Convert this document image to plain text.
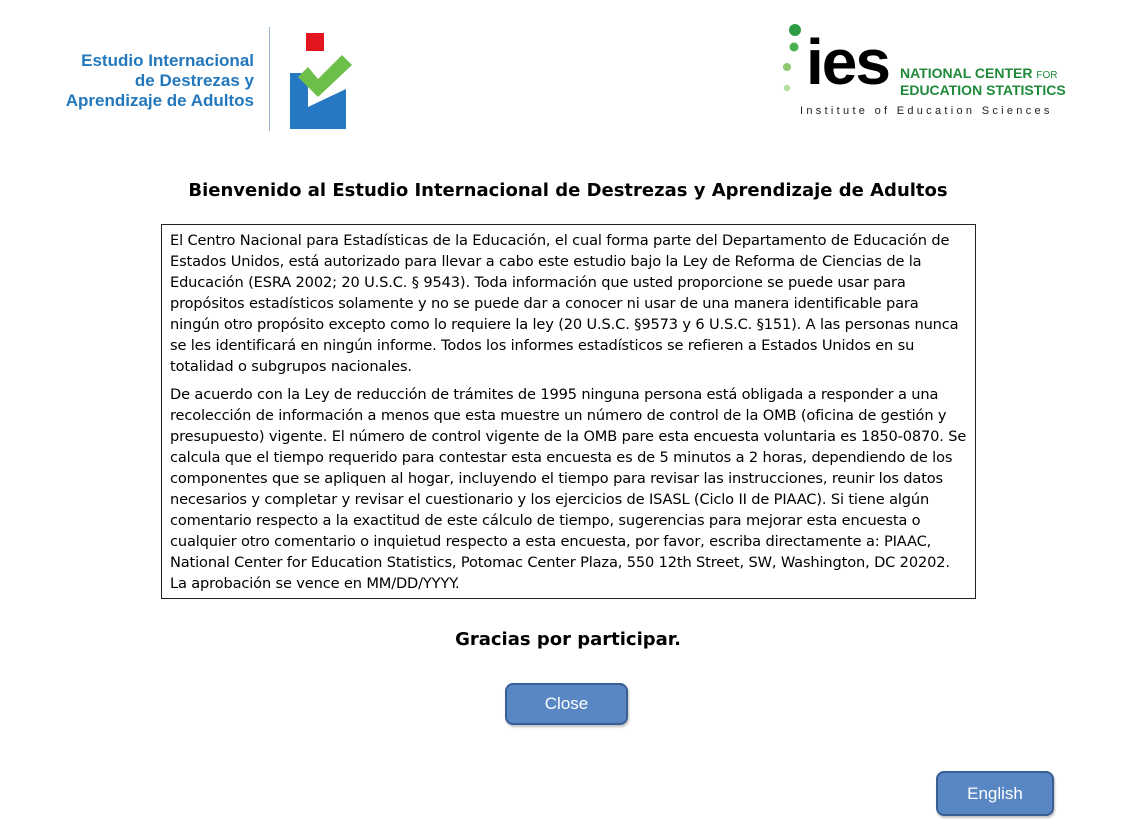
Estudio Internacional
de Destrezas y
Aprendizaje de Adultos
ies NATIONAL CENTER FOR
EDUCATION STATISTICS
Institute of Education Sciences
Bienvenido al Estudio Internacional de Destrezas y Aprendizaje de Adultos

El Centro Nacional para Estadísticas de la Educación, el cual forma parte del Departamento de Educación de Estados Unidos, está autorizado para llevar a cabo este estudio bajo la Ley de Reforma de Ciencias de la Educación (ESRA 2002; 20 U.S.C. § 9543). Toda información que usted proporcione se puede usar para propósitos estadísticos solamente y no se puede dar a conocer ni usar de una manera identificable para ningún otro propósito excepto como lo requiere la ley (20 U.S.C. §9573 y 6 U.S.C. §151). A las personas nunca se les identificará en ningún informe. Todos los informes estadísticos se refieren a Estados Unidos en su totalidad o subgrupos nacionales.

De acuerdo con la Ley de reducción de trámites de 1995 ninguna persona está obligada a responder a una recolección de información a menos que esta muestre un número de control de la OMB (oficina de gestión y presupuesto) vigente. El número de control vigente de la OMB pare esta encuesta voluntaria es 1850-0870. Se calcula que el tiempo requerido para contestar esta encuesta es de 5 minutos a 2 horas, dependiendo de los componentes que se apliquen al hogar, incluyendo el tiempo para revisar las instrucciones, reunir los datos necesarios y completar y revisar el cuestionario y los ejercicios de ISASL (Ciclo II de PIAAC). Si tiene algún comentario respecto a la exactitud de este cálculo de tiempo, sugerencias para mejorar esta encuesta o cualquier otro comentario o inquietud respecto a esta encuesta, por favor, escriba directamente a: PIAAC, National Center for Education Statistics, Potomac Center Plaza, 550 12th Street, SW, Washington, DC 20202. La aprobación se vence en MM/DD/YYYY.

Gracias por participar.
Close
English
